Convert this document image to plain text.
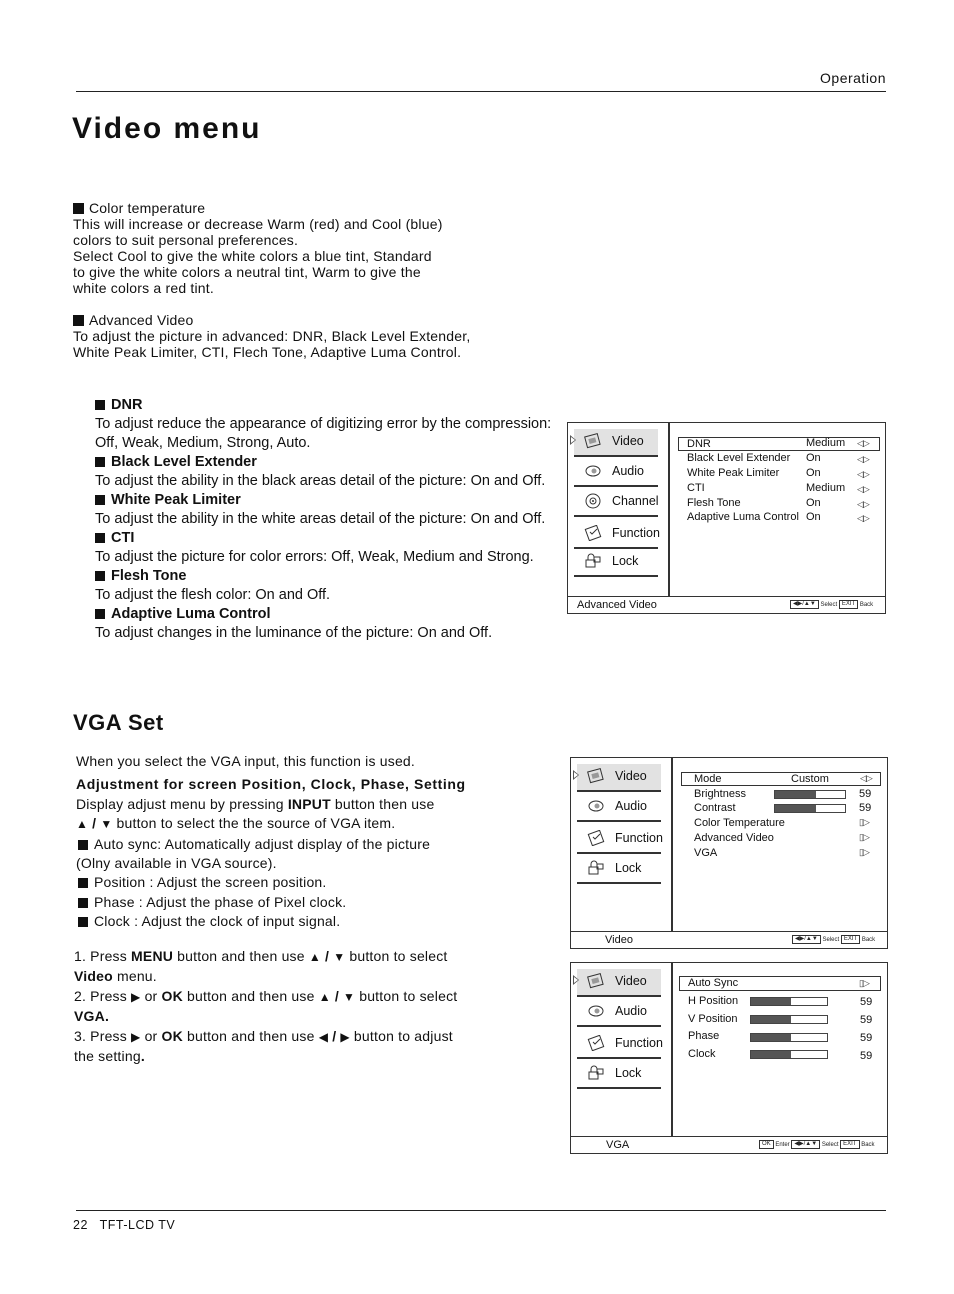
Operation
Video menu
Color temperature
This will increase or decrease Warm (red) and Cool (blue)
colors to suit personal preferences.
Select Cool to give the white colors a blue tint, Standard
to give the white colors a neutral tint, Warm to give the
white colors a red tint.
Advanced Video
To adjust the picture in advanced: DNR, Black Level Extender,
White Peak Limiter, CTI, Flech Tone, Adaptive Luma Control.
DNR
To adjust reduce the appearance of digitizing error by the compression:
Off, Weak, Medium, Strong, Auto.
Black Level Extender
To adjust the ability in the black areas detail of the picture: On and Off.
White Peak Limiter
To adjust the ability in the white areas detail of the picture: On and Off.
CTI
To adjust the picture for color errors: Off, Weak, Medium and Strong.
Flesh Tone
To adjust the flesh color: On and Off.
Adaptive Luma Control
To adjust changes in the luminance of the picture: On and Off.
Video
Audio
Channel
Function
Lock
DNR	Medium ◁▷
Black Level Extender On	◁▷
White Peak Limiter On	◁▷
CTI	Medium ◁▷
Flesh Tone	On	◁▷
Adaptive Luma Control On	◁▷
Advanced Video	◀▶/▲▼ Select EXIT Back
VGA Set
When you select the VGA input, this function is used.
Adjustment for screen Position, Clock, Phase, Setting
Display adjust menu by pressing INPUT button then use
▲ / ▼ button to select the the source of VGA item.
Auto sync: Automatically adjust display of the picture
(Olny available in VGA source).
Position : Adjust the screen position.
Phase : Adjust the phase of Pixel clock.
Clock : Adjust the clock of input signal.
1. Press MENU button and then use ▲ / ▼ button to select
Video menu.
2. Press ▶ or OK button and then use ▲ / ▼ button to select
VGA.
3. Press ▶ or OK button and then use ◀ / ▶ button to adjust
the setting.
Video
Audio
Function
Lock
Mode	Custom	◁▷
Brightness	59
Contrast	59
Color Temperature	▯▷
Advanced Video	▯▷
VGA	▯▷
Video	◀▶/▲▼ Select EXIT Back
Video
Audio
Function
Lock
Auto Sync	▯▷
H Position	59
V Position	59
Phase	59
Clock	59
VGA	OK Enter ◀▶/▲▼ Select EXIT Back
22 TFT-LCD TV
